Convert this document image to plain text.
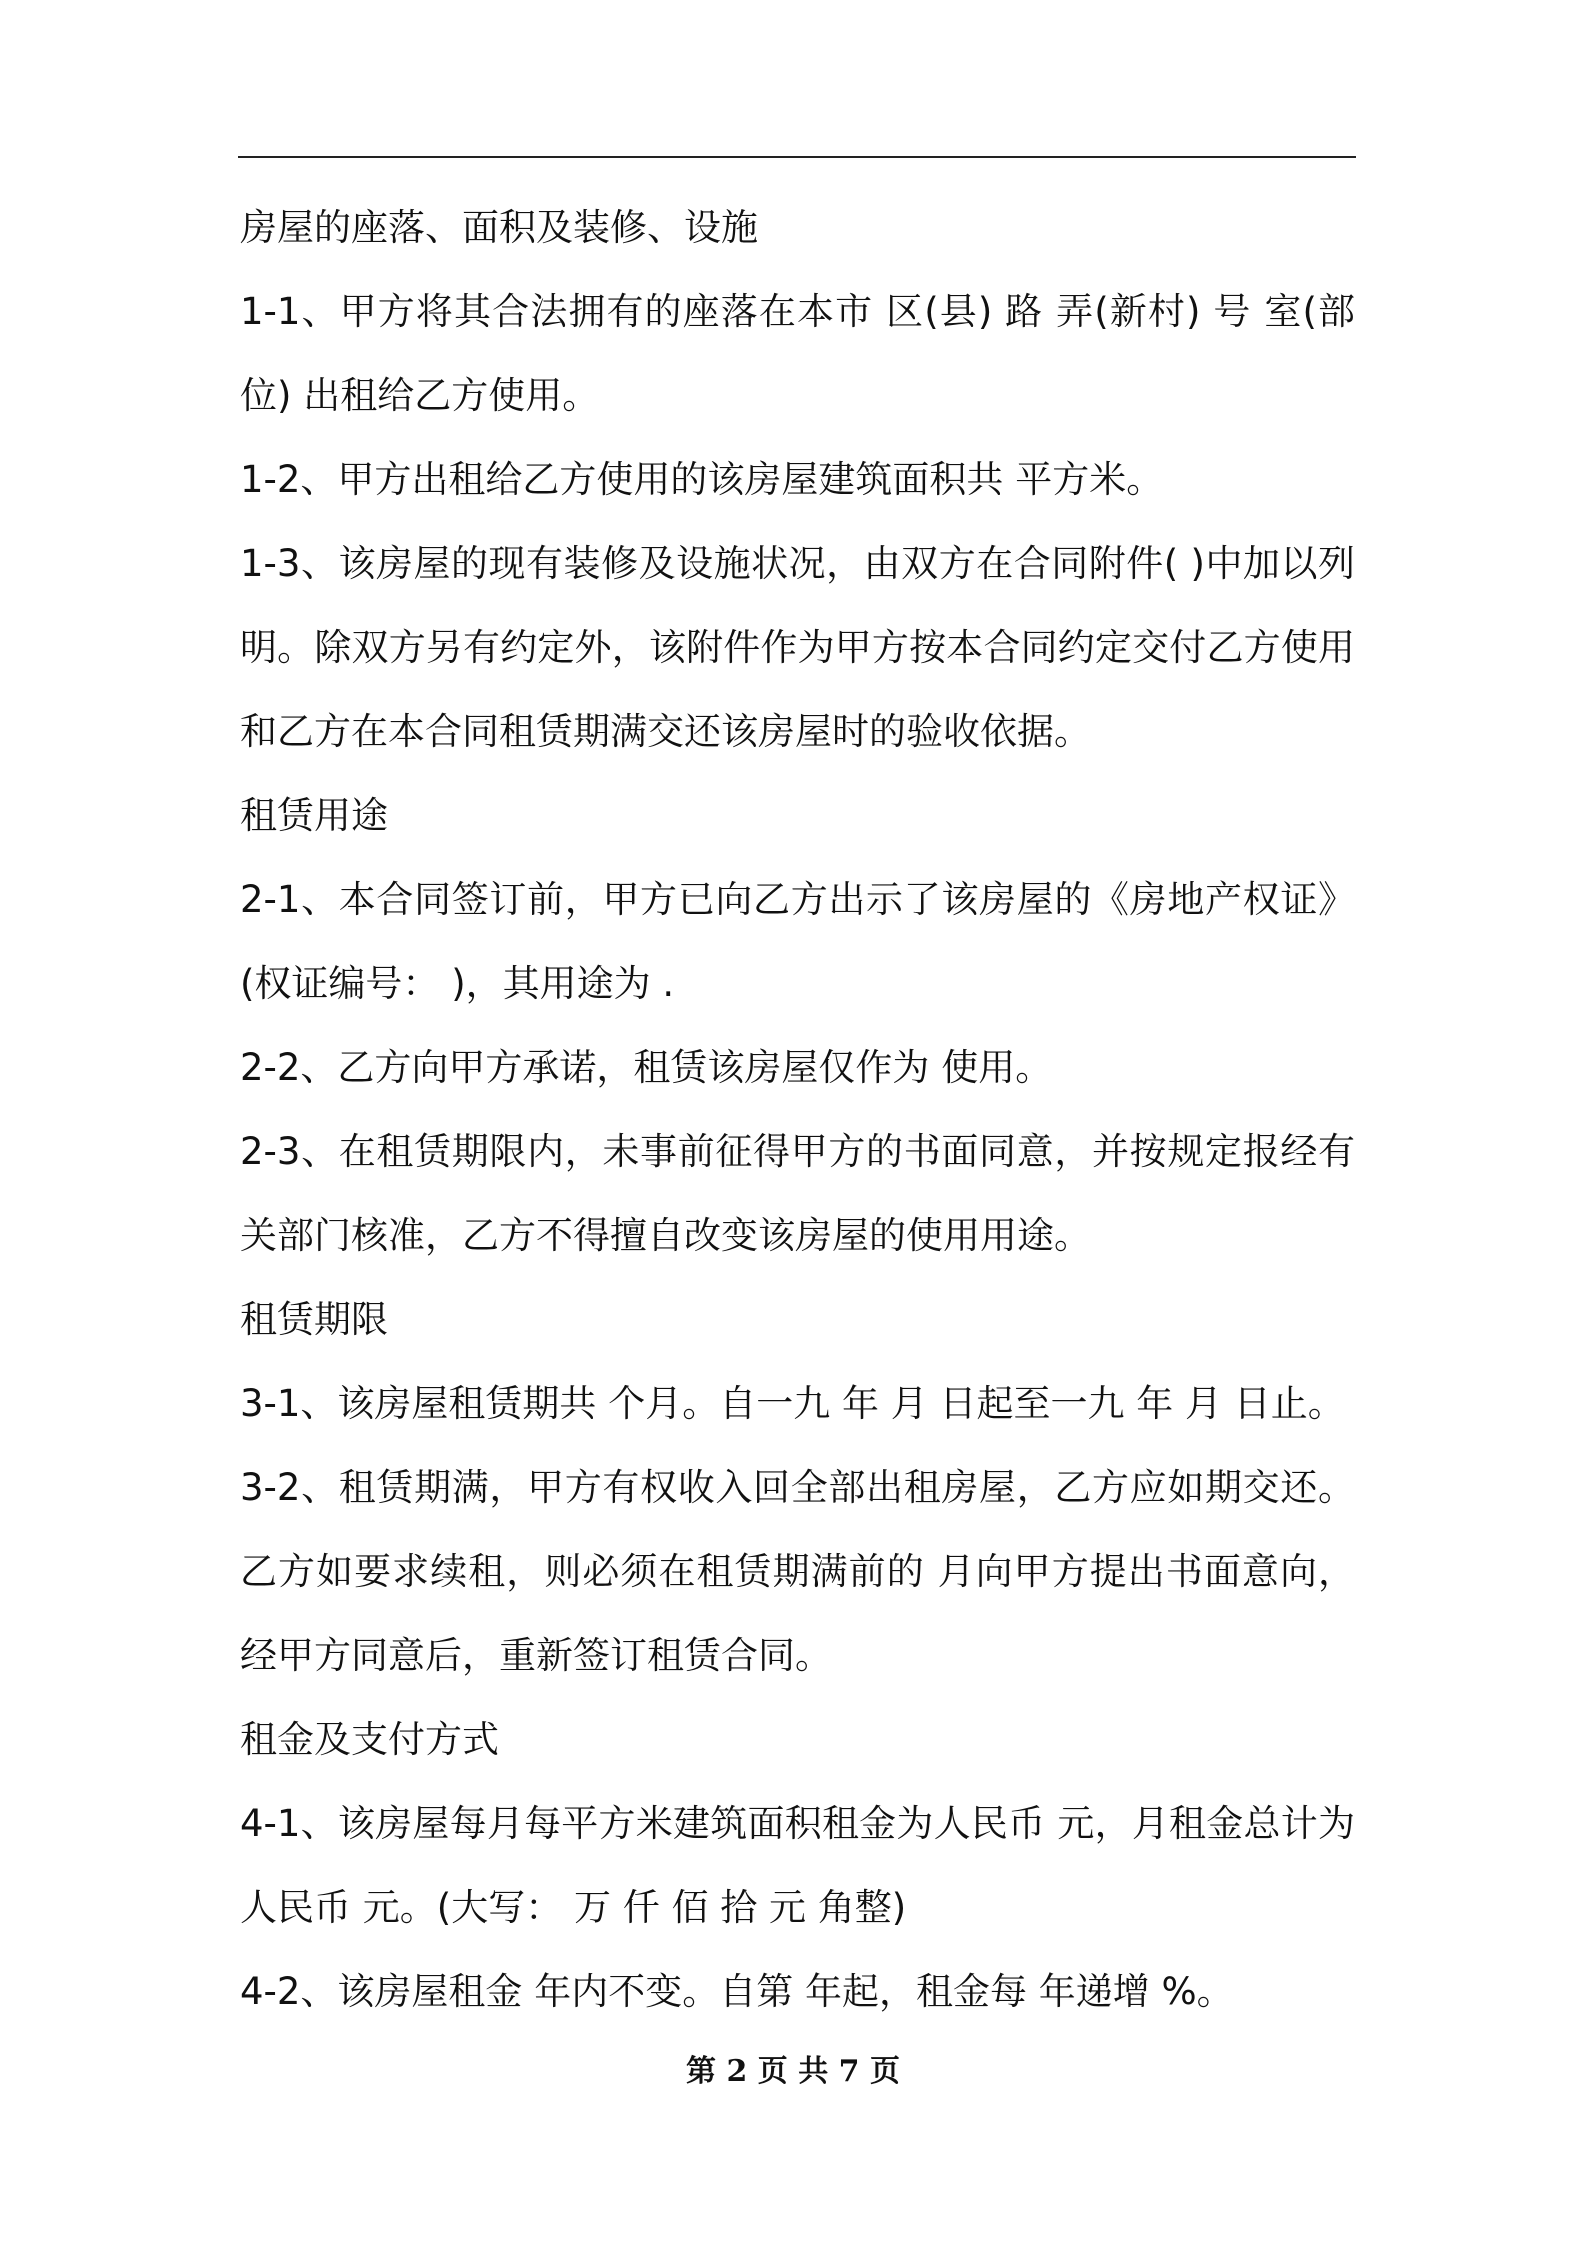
房屋的座落、面积及装修、设施

1-1、甲方将其合法拥有的座落在本市 区(县) 路 弄(新村) 号 室(部位) 出租给乙方使用。

1-2、甲方出租给乙方使用的该房屋建筑面积共 平方米。

1-3、该房屋的现有装修及设施状况，由双方在合同附件( )中加以列明。除双方另有约定外，该附件作为甲方按本合同约定交付乙方使用和乙方在本合同租赁期满交还该房屋时的验收依据。

租赁用途

2-1、本合同签订前，甲方已向乙方出示了该房屋的《房地产权证》(权证编号： )，其用途为 .

2-2、乙方向甲方承诺，租赁该房屋仅作为 使用。

2-3、在租赁期限内，未事前征得甲方的书面同意，并按规定报经有关部门核准，乙方不得擅自改变该房屋的使用用途。

租赁期限

3-1、该房屋租赁期共 个月。自一九 年 月 日起至一九 年 月 日止。

3-2、租赁期满，甲方有权收入回全部出租房屋，乙方应如期交还。乙方如要求续租，则必须在租赁期满前的 月向甲方提出书面意向，经甲方同意后，重新签订租赁合同。

租金及支付方式

4-1、该房屋每月每平方米建筑面积租金为人民币 元，月租金总计为人民币 元。(大写： 万 仟 佰 拾 元 角整)

4-2、该房屋租金 年内不变。自第 年起，租金每 年递增 %。

第 2 页 共 7 页
